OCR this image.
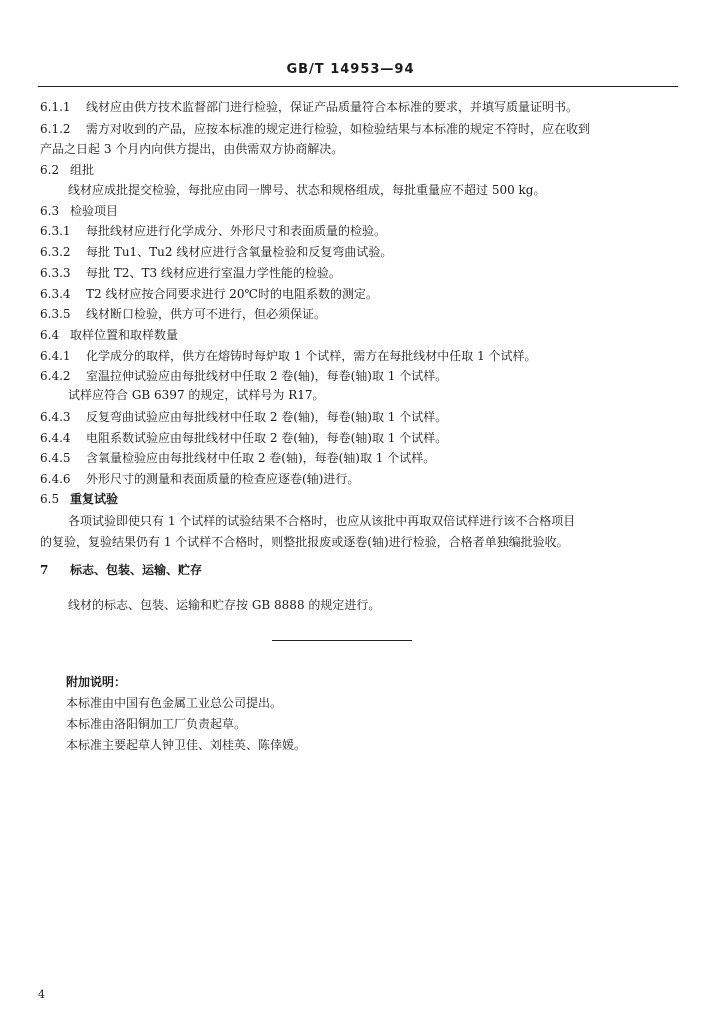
GB/T 14953—94
6.1.1 线材应由供方技术监督部门进行检验，保证产品质量符合本标准的要求，并填写质量证明书。
6.1.2 需方对收到的产品，应按本标准的规定进行检验，如检验结果与本标准的规定不符时，应在收到
产品之日起 3 个月内向供方提出，由供需双方协商解决。
6.2 组批
线材应成批提交检验，每批应由同一牌号、状态和规格组成，每批重量应不超过 500 kg。
6.3 检验项目
6.3.1 每批线材应进行化学成分、外形尺寸和表面质量的检验。
6.3.2 每批 Tu1、Tu2 线材应进行含氧量检验和反复弯曲试验。
6.3.3 每批 T2、T3 线材应进行室温力学性能的检验。
6.3.4 T2 线材应按合同要求进行 20℃时的电阻系数的测定。
6.3.5 线材断口检验，供方可不进行，但必须保证。
6.4 取样位置和取样数量
6.4.1 化学成分的取样，供方在熔铸时每炉取 1 个试样，需方在每批线材中任取 1 个试样。
6.4.2 室温拉伸试验应由每批线材中任取 2 卷(轴)，每卷(轴)取 1 个试样。
试样应符合 GB 6397 的规定，试样号为 R17。
6.4.3 反复弯曲试验应由每批线材中任取 2 卷(轴)，每卷(轴)取 1 个试样。
6.4.4 电阻系数试验应由每批线材中任取 2 卷(轴)，每卷(轴)取 1 个试样。
6.4.5 含氧量检验应由每批线材中任取 2 卷(轴)，每卷(轴)取 1 个试样。
6.4.6 外形尺寸的测量和表面质量的检查应逐卷(轴)进行。
6.5 重复试验
各项试验即使只有 1 个试样的试验结果不合格时，也应从该批中再取双倍试样进行该不合格项目
的复验，复验结果仍有 1 个试样不合格时，则整批报废或逐卷(轴)进行检验，合格者单独编批验收。
7 标志、包装、运输、贮存
线材的标志、包装、运输和贮存按 GB 8888 的规定进行。
附加说明：
本标准由中国有色金属工业总公司提出。
本标准由洛阳铜加工厂负责起草。
本标准主要起草人钟卫佳、刘桂英、陈倖媛。
4
